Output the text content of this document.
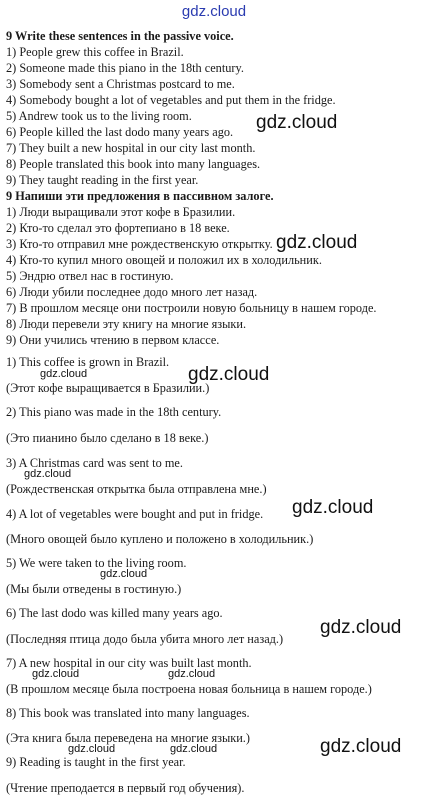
gdz.cloud
9 Write these sentences in the passive voice.
1) People grew this coffee in Brazil.
2) Someone made this piano in the 18th century.
3) Somebody sent a Christmas postcard to me.
4) Somebody bought a lot of vegetables and put them in the fridge.
5) Andrew took us to the living room.
6) People killed the last dodo many years ago.
7) They built a new hospital in our city last month.
8) People translated this book into many languages.
9) They taught reading in the first year.
9 Напиши эти предложения в пассивном залоге.
1) Люди выращивали этот кофе в Бразилии.
2) Кто-то сделал это фортепиано в 18 веке.
3) Кто-то отправил мне рождественскую открытку.
4) Кто-то купил много овощей и положил их в холодильник.
5) Эндрю отвел нас в гостиную.
6) Люди убили последнее додо много лет назад.
7) В прошлом месяце они построили новую больницу в нашем городе.
8) Люди перевели эту книгу на многие языки.
9) Они учились чтению в первом классе.
1) This coffee is grown in Brazil.
(Этот кофе выращивается в Бразилии.)
2) This piano was made in the 18th century.
(Это пианино было сделано в 18 веке.)
3) A Christmas card was sent to me.
(Рождественская открытка была отправлена мне.)
4) A lot of vegetables were bought and put in fridge.
(Много овощей было куплено и положено в холодильник.)
5) We were taken to the living room.
(Мы были отведены в гостиную.)
6) The last dodo was killed many years ago.
(Последняя птица додо была убита много лет назад.)
7) A new hospital in our city was built last month.
(В прошлом месяце была построена новая больница в нашем городе.)
8) This book was translated into many languages.
(Эта книга была переведена на многие языки.)
9) Reading is taught in the first year.
(Чтение преподается в первый год обучения).
gdz.cloud
gdz.cloud
gdz.cloud
gdz.cloud
gdz.cloud
gdz.cloud
gdz.cloud
gdz.cloud
gdz.cloud	gdz.cloud
gdz.cloud
gdz.cloud	gdz.cloud
